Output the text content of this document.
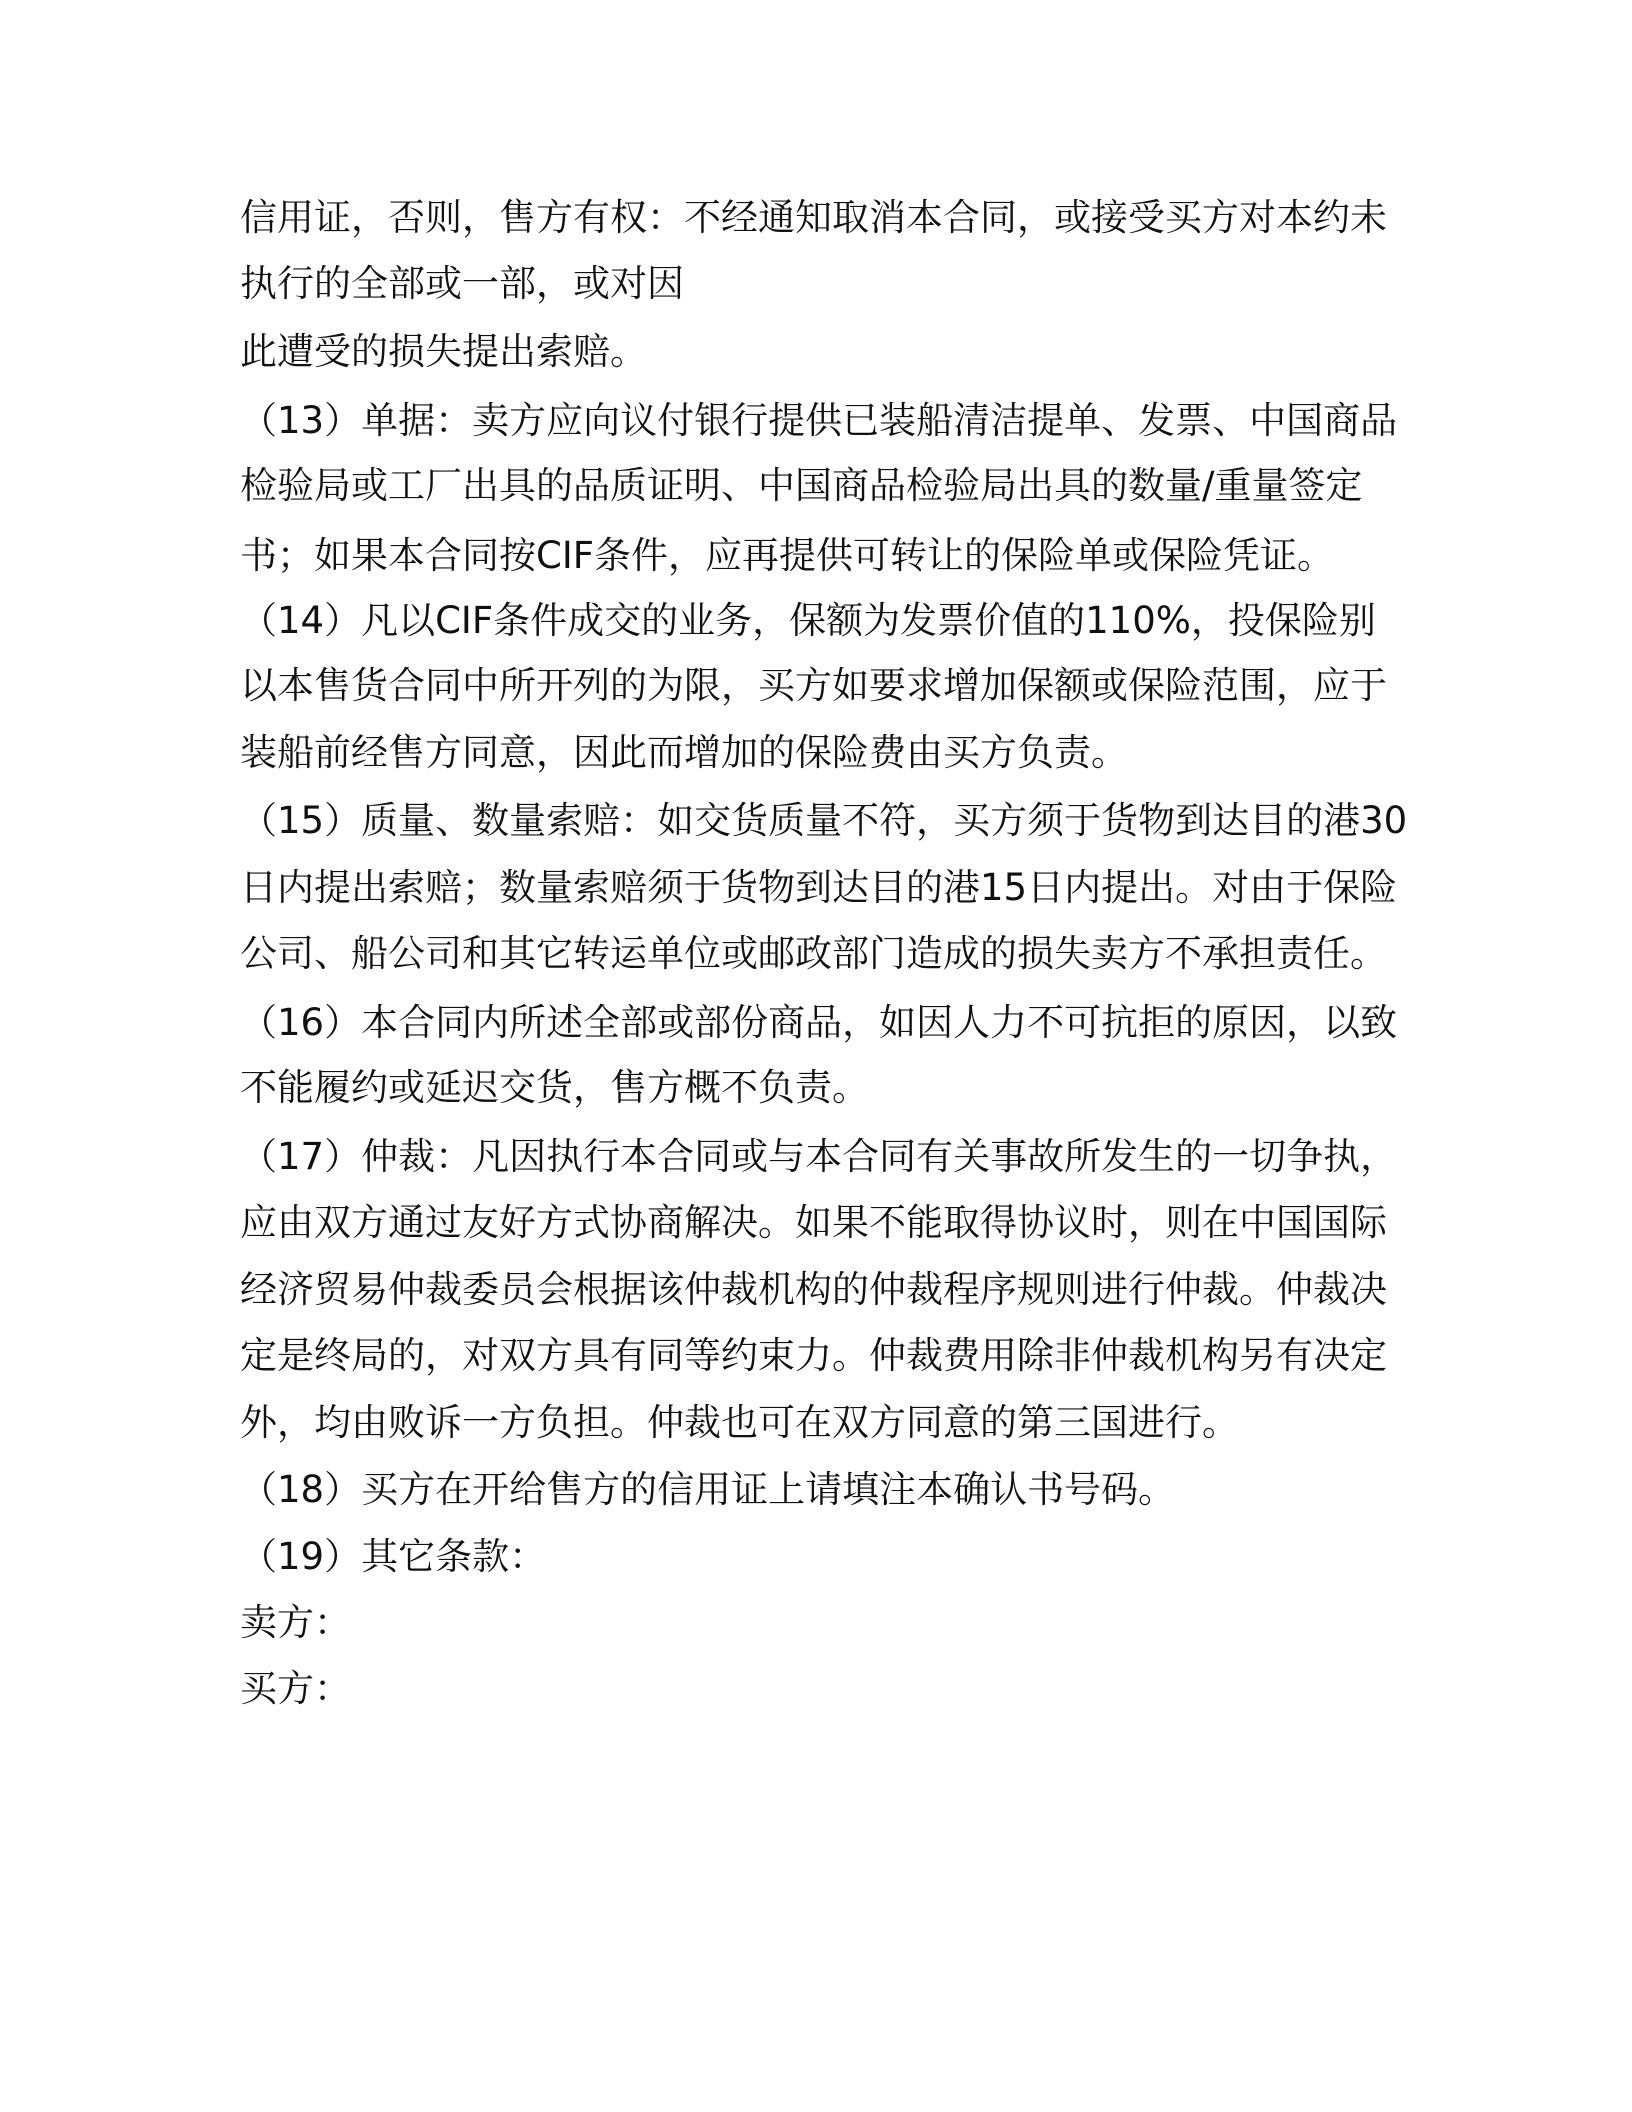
信用证，否则，售方有权：不经通知取消本合同，或接受买方对本约未
执行的全部或一部，或对因
此遭受的损失提出索赔。
（13）单据：卖方应向议付银行提供已装船清洁提单、发票、中国商品
检验局或工厂出具的品质证明、中国商品检验局出具的数量/重量签定
书；如果本合同按CIF条件，应再提供可转让的保险单或保险凭证。
（14）凡以CIF条件成交的业务，保额为发票价值的110%，投保险别
以本售货合同中所开列的为限，买方如要求增加保额或保险范围，应于
装船前经售方同意，因此而增加的保险费由买方负责。
（15）质量、数量索赔：如交货质量不符，买方须于货物到达目的港30
日内提出索赔；数量索赔须于货物到达目的港15日内提出。对由于保险
公司、船公司和其它转运单位或邮政部门造成的损失卖方不承担责任。
（16）本合同内所述全部或部份商品，如因人力不可抗拒的原因，以致
不能履约或延迟交货，售方概不负责。
（17）仲裁：凡因执行本合同或与本合同有关事故所发生的一切争执，
应由双方通过友好方式协商解决。如果不能取得协议时，则在中国国际
经济贸易仲裁委员会根据该仲裁机构的仲裁程序规则进行仲裁。仲裁决
定是终局的，对双方具有同等约束力。仲裁费用除非仲裁机构另有决定
外，均由败诉一方负担。仲裁也可在双方同意的第三国进行。
（18）买方在开给售方的信用证上请填注本确认书号码。
（19）其它条款：
卖方：
买方：
